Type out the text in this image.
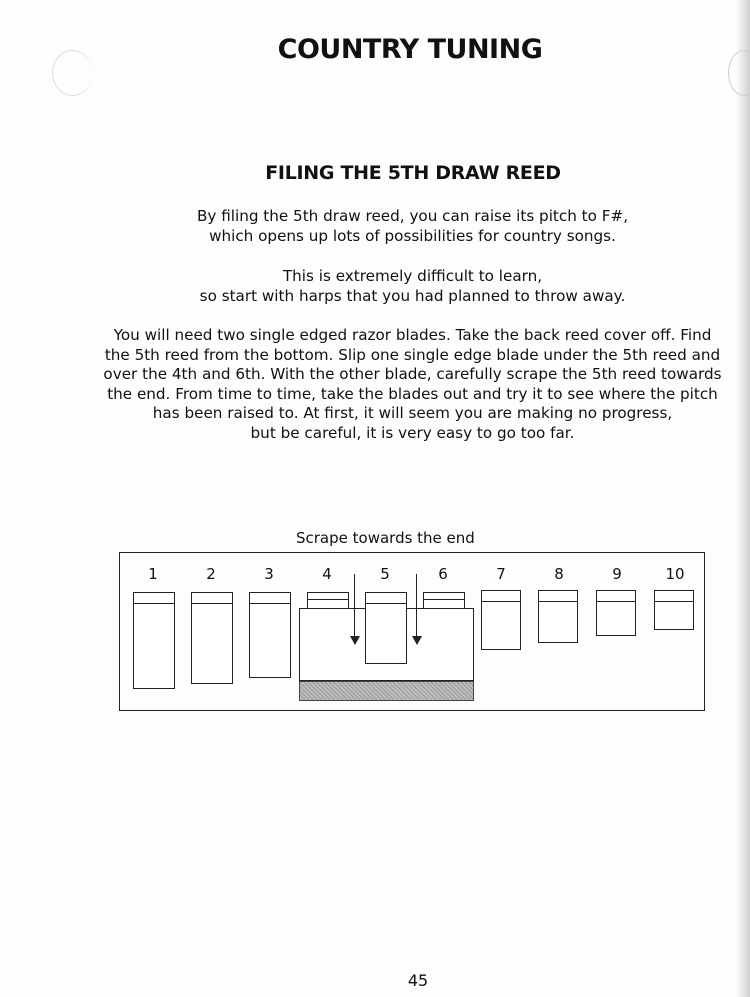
COUNTRY TUNING
FILING THE 5TH DRAW REED

By filing the 5th draw reed, you can raise its pitch to F#,
which opens up lots of possibilities for country songs.

This is extremely difficult to learn,
so start with harps that you had planned to throw away.

You will need two single edged razor blades. Take the back reed cover off. Find
the 5th reed from the bottom. Slip one single edge blade under the 5th reed and
over the 4th and 6th. With the other blade, carefully scrape the 5th reed towards
the end. From time to time, take the blades out and try it to see where the pitch
has been raised to. At first, it will seem you are making no progress,
but be careful, it is very easy to go too far.

Scrape towards the end
1	2	3	4	5	6	7	8	9	10
45
